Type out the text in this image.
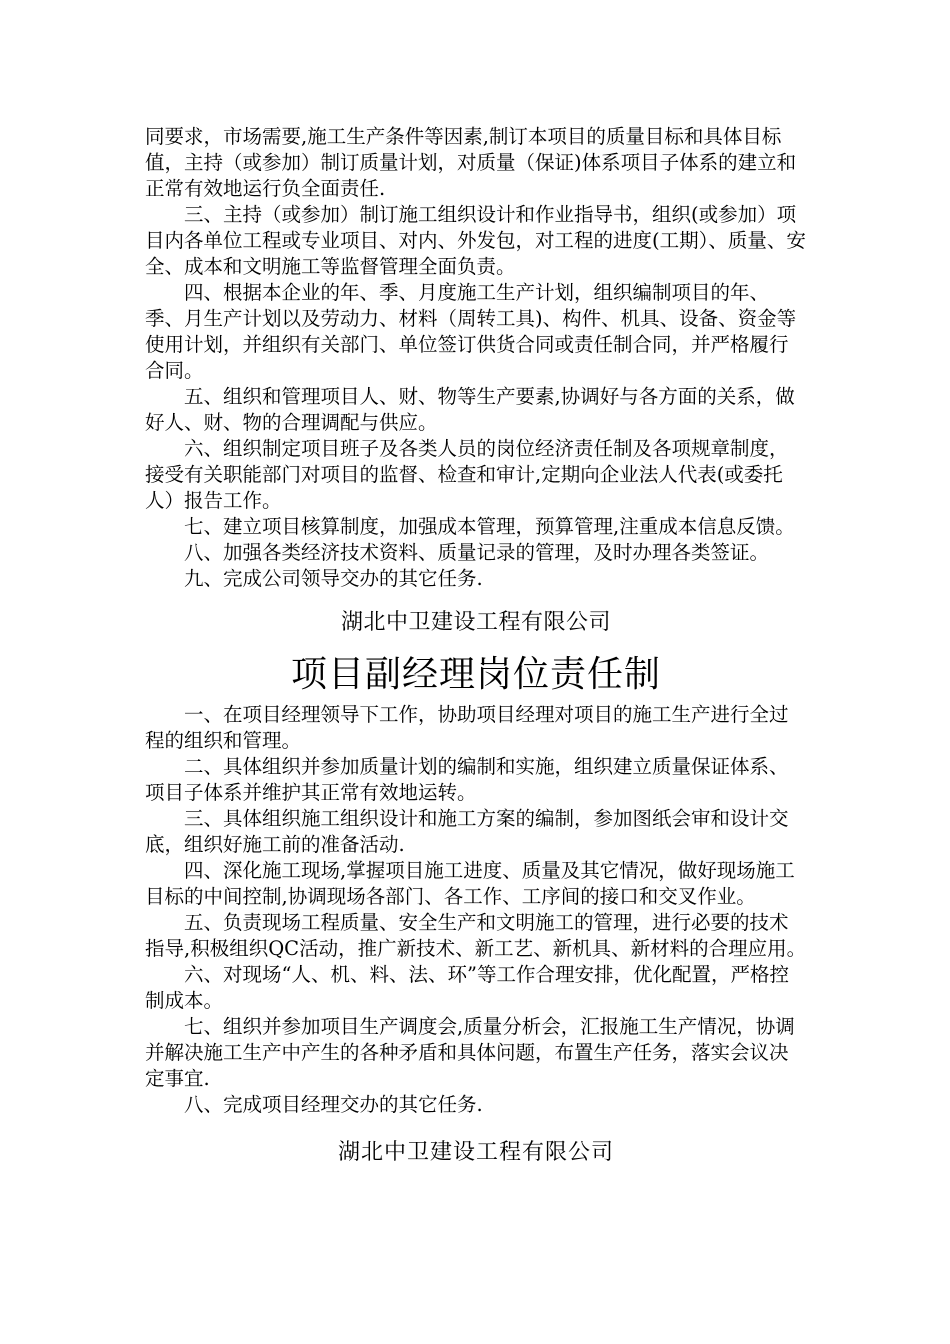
同要求，市场需要,施工生产条件等因素,制订本项目的质量目标和具体目标值，主持（或参加）制订质量计划，对质量（保证)体系项目子体系的建立和正常有效地运行负全面责任.

三、主持（或参加）制订施工组织设计和作业指导书，组织(或参加）项目内各单位工程或专业项目、对内、外发包，对工程的进度(工期）、质量、安全、成本和文明施工等监督管理全面负责。

四、根据本企业的年、季、月度施工生产计划，组织编制项目的年、季、月生产计划以及劳动力、材料（周转工具)、构件、机具、设备、资金等使用计划，并组织有关部门、单位签订供货合同或责任制合同，并严格履行合同。

五、组织和管理项目人、财、物等生产要素,协调好与各方面的关系，做好人、财、物的合理调配与供应。

六、组织制定项目班子及各类人员的岗位经济责任制及各项规章制度，接受有关职能部门对项目的监督、检查和审计,定期向企业法人代表(或委托人）报告工作。

七、建立项目核算制度，加强成本管理，预算管理,注重成本信息反馈。

八、加强各类经济技术资料、质量记录的管理，及时办理各类签证。

九、完成公司领导交办的其它任务.

湖北中卫建设工程有限公司

项目副经理岗位责任制

一、在项目经理领导下工作，协助项目经理对项目的施工生产进行全过程的组织和管理。

二、具体组织并参加质量计划的编制和实施，组织建立质量保证体系、项目子体系并维护其正常有效地运转。

三、具体组织施工组织设计和施工方案的编制，参加图纸会审和设计交底，组织好施工前的准备活动.

四、深化施工现场,掌握项目施工进度、质量及其它情况，做好现场施工目标的中间控制,协调现场各部门、各工作、工序间的接口和交叉作业。

五、负责现场工程质量、安全生产和文明施工的管理，进行必要的技术指导,积极组织QC活动，推广新技术、新工艺、新机具、新材料的合理应用。

六、对现场“人、机、料、法、环”等工作合理安排，优化配置，严格控制成本。

七、组织并参加项目生产调度会,质量分析会，汇报施工生产情况，协调并解决施工生产中产生的各种矛盾和具体问题，布置生产任务，落实会议决定事宜.

八、完成项目经理交办的其它任务.

湖北中卫建设工程有限公司
